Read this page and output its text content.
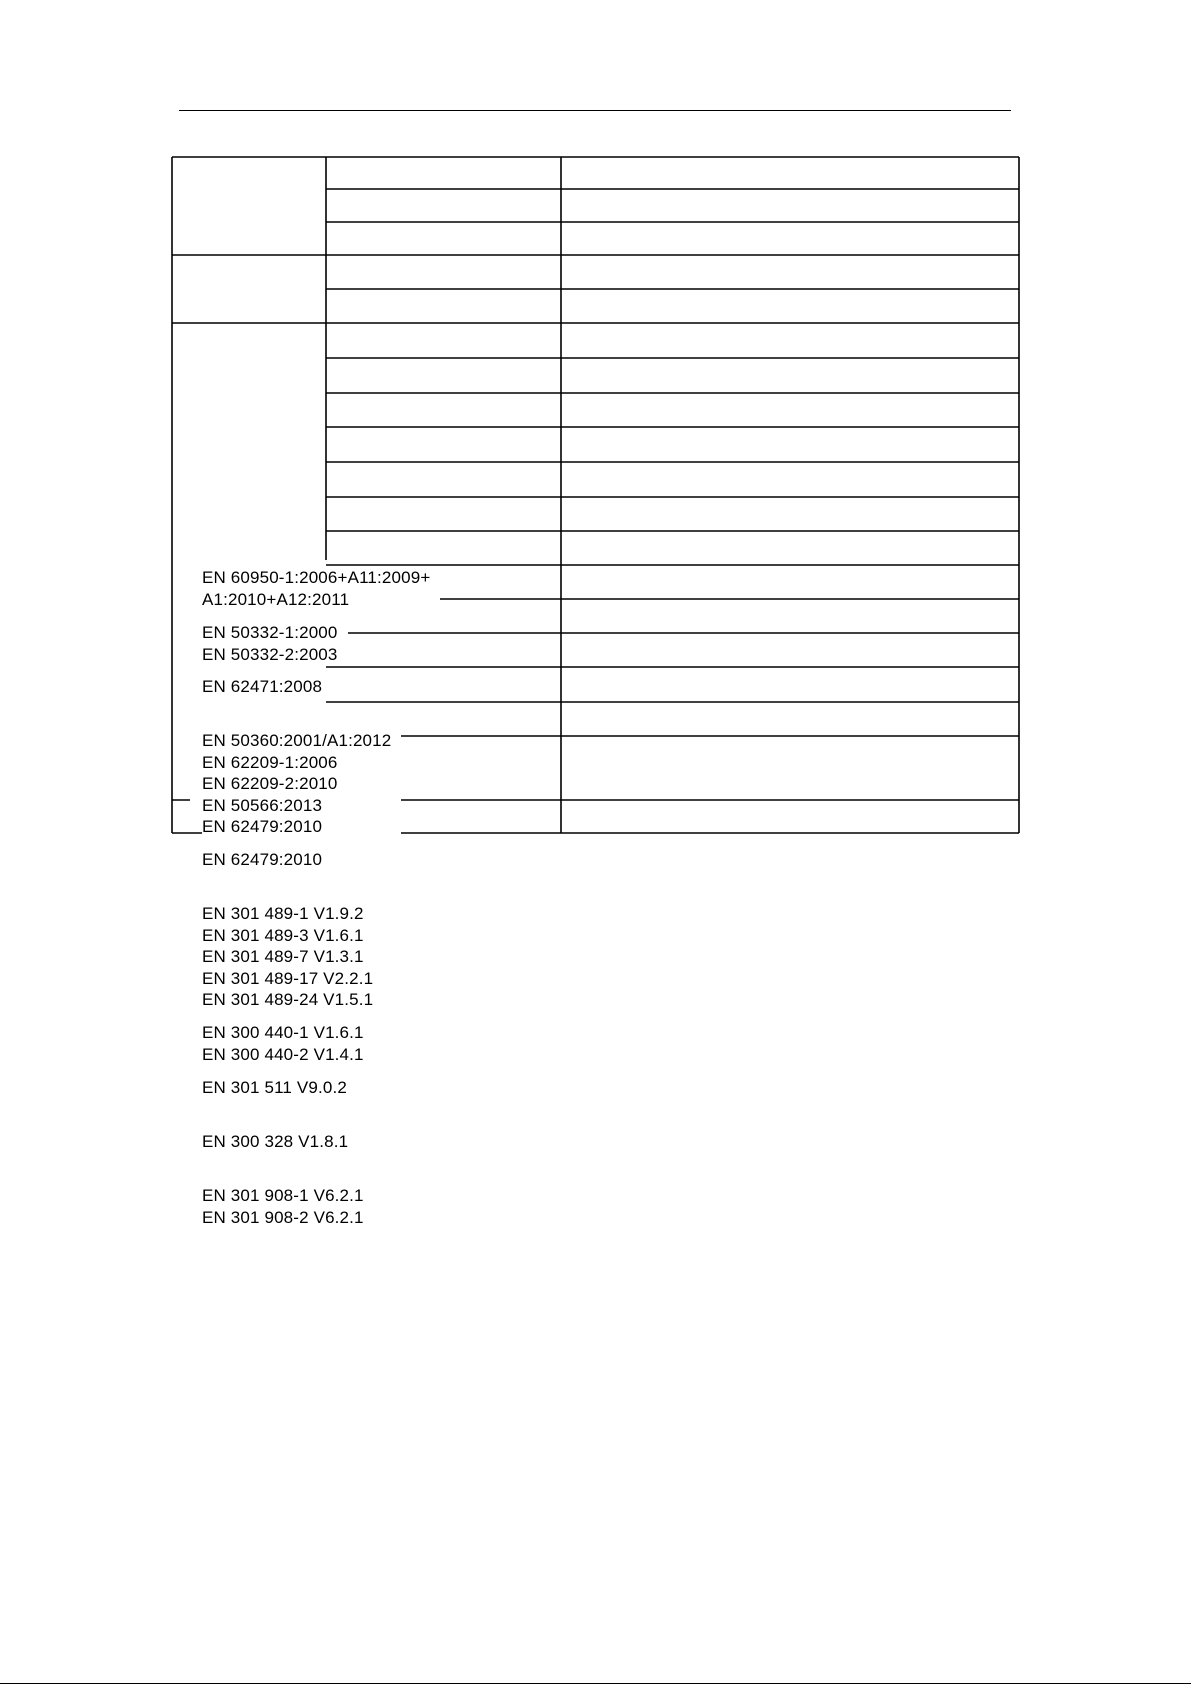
EN 60950-1:2006+A11:2009+
A1:2010+A12:2011
EN 50332-1:2000
EN 50332-2:2003
EN 62471:2008
EN 50360:2001/A1:2012
EN 62209-1:2006
EN 62209-2:2010
EN 50566:2013
EN 62479:2010
EN 62479:2010
EN 301 489-1 V1.9.2
EN 301 489-3 V1.6.1
EN 301 489-7 V1.3.1
EN 301 489-17 V2.2.1
EN 301 489-24 V1.5.1
EN 300 440-1 V1.6.1
EN 300 440-2 V1.4.1
EN 301 511 V9.0.2
EN 300 328 V1.8.1
EN 301 908-1 V6.2.1
EN 301 908-2 V6.2.1
